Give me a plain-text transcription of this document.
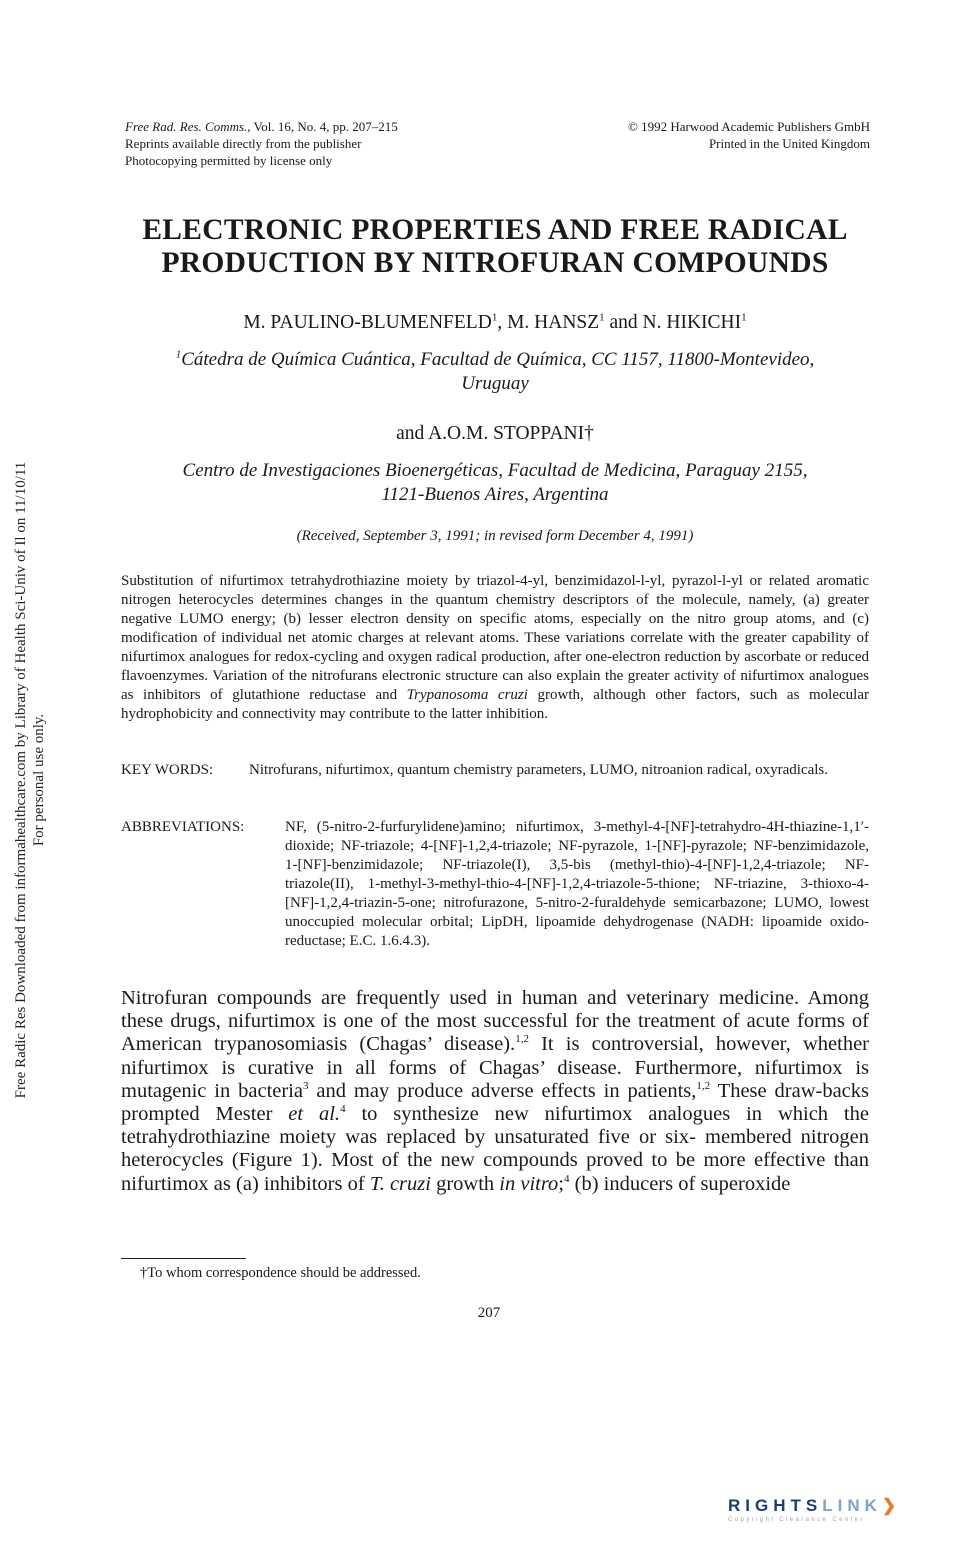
Free Rad. Res. Comms., Vol. 16, No. 4, pp. 207–215
Reprints available directly from the publisher
Photocopying permitted by license only
© 1992 Harwood Academic Publishers GmbH
Printed in the United Kingdom
ELECTRONIC PROPERTIES AND FREE RADICAL
PRODUCTION BY NITROFURAN COMPOUNDS
M. PAULINO-BLUMENFELD$^1$, M. HANSZ$^1$ and N. HIKICHI$^1$
$^1$Cátedra de Química Cuántica, Facultad de Química, CC 1157, 11800-Montevideo,
Uruguay
and A.O.M. STOPPANI†
Centro de Investigaciones Bioenergéticas, Facultad de Medicina, Paraguay 2155,
1121-Buenos Aires, Argentina
(Received, September 3, 1991; in revised form December 4, 1991)
Substitution of nifurtimox tetrahydrothiazine moiety by triazol-4-yl, benzimidazol-l-yl, pyrazol-l-yl or related aromatic nitrogen heterocycles determines changes in the quantum chemistry descriptors of the molecule, namely, (a) greater negative LUMO energy; (b) lesser electron density on specific atoms, especially on the nitro group atoms, and (c) modification of individual net atomic charges at relevant atoms. These variations correlate with the greater capability of nifurtimox analogues for redox-cycling and oxygen radical production, after one-electron reduction by ascorbate or reduced flavoenzymes. Variation of the nitrofurans electronic structure can also explain the greater activity of nifurtimox analogues as inhibitors of glutathione reductase and Trypanosoma cruzi growth, although other factors, such as molecular hydrophobicity and connectivity may contribute to the latter inhibition.
KEY WORDS:	Nitrofurans, nifurtimox, quantum chemistry parameters, LUMO, nitroanion radical, oxyradicals.
ABBREVIATIONS:	NF, (5-nitro-2-furfurylidene)amino; nifurtimox, 3-methyl-4-[NF]-tetrahydro-4H-thiazine-1,1′-dioxide; NF-triazole; 4-[NF]-1,2,4-triazole; NF-pyrazole, 1-[NF]-pyrazole; NF-benzimidazole, 1-[NF]-benzimidazole; NF-triazole(I), 3,5-bis (methyl-thio)-4-[NF]-1,2,4-triazole; NF-triazole(II), 1-methyl-3-methyl-thio-4-[NF]-1,2,4-triazole-5-thione; NF-triazine, 3-thioxo-4-[NF]-1,2,4-triazin-5-one; nitrofurazone, 5-nitro-2-furaldehyde semicarbazone; LUMO, lowest unoccupied molecular orbital; LipDH, lipoamide dehydrogenase (NADH: lipoamide oxido-reductase; E.C. 1.6.4.3).
Nitrofuran compounds are frequently used in human and veterinary medicine. Among these drugs, nifurtimox is one of the most successful for the treatment of acute forms of American trypanosomiasis (Chagas’ disease).$^{1,2}$ It is controversial, however, whether nifurtimox is curative in all forms of Chagas’ disease. Furthermore, nifurtimox is mutagenic in bacteria$^3$ and may produce adverse effects in patients,$^{1,2}$ These draw-backs prompted Mester et al.$^4$ to synthesize new nifurtimox analogues in which the tetrahydrothiazine moiety was replaced by unsaturated five or six- membered nitrogen heterocycles (Figure 1). Most of the new compounds proved to be more effective than nifurtimox as (a) inhibitors of T. cruzi growth in vitro;$^4$ (b) inducers of superoxide
†To whom correspondence should be addressed.
207
Free Radic Res Downloaded from informahealthcare.com by Library of Health Sci-Univ of Il on 11/10/11 For personal use only.
RIGHTSLINK❯
Copyright Clearance Center
